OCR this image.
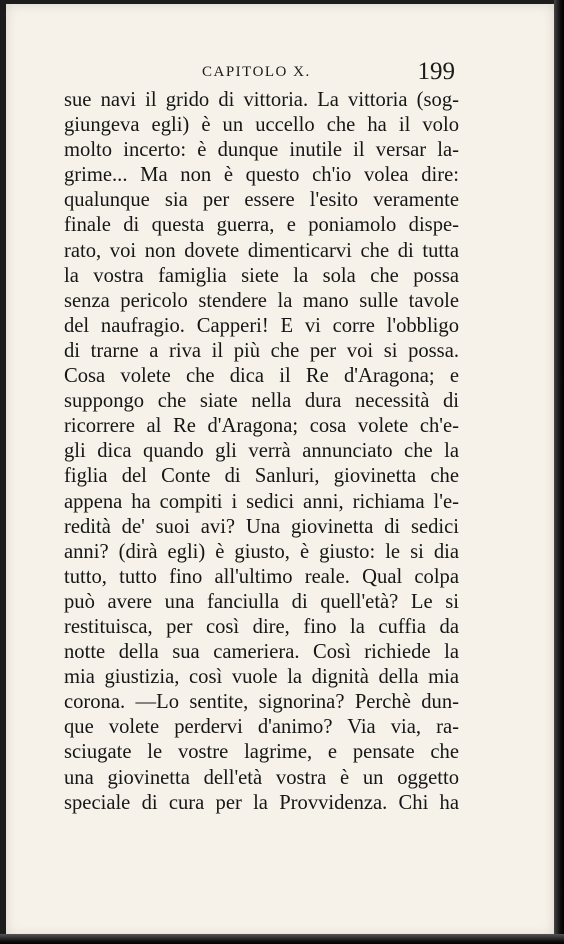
CAPITOLO X.	199
sue navi il grido di vittoria. La vittoria (sog-
giungeva egli) è un uccello che ha il volo
molto incerto: è dunque inutile il versar la-
grime... Ma non è questo ch'io volea dire:
qualunque sia per essere l'esito veramente
finale di questa guerra, e poniamolo dispe-
rato, voi non dovete dimenticarvi che di tutta
la vostra famiglia siete la sola che possa
senza pericolo stendere la mano sulle tavole
del naufragio. Capperi! E vi corre l'obbligo
di trarne a riva il più che per voi si possa.
Cosa volete che dica il Re d'Aragona; e
suppongo che siate nella dura necessità di
ricorrere al Re d'Aragona; cosa volete ch'e-
gli dica quando gli verrà annunciato che la
figlia del Conte di Sanluri, giovinetta che
appena ha compiti i sedici anni, richiama l'e-
redità de' suoi avi? Una giovinetta di sedici
anni? (dirà egli) è giusto, è giusto: le si dia
tutto, tutto fino all'ultimo reale. Qual colpa
può avere una fanciulla di quell'età? Le si
restituisca, per così dire, fino la cuffia da
notte della sua cameriera. Così richiede la
mia giustizia, così vuole la dignità della mia
corona. —Lo sentite, signorina? Perchè dun-
que volete perdervi d'animo? Via via, ra-
sciugate le vostre lagrime, e pensate che
una giovinetta dell'età vostra è un oggetto
speciale di cura per la Provvidenza. Chi ha
